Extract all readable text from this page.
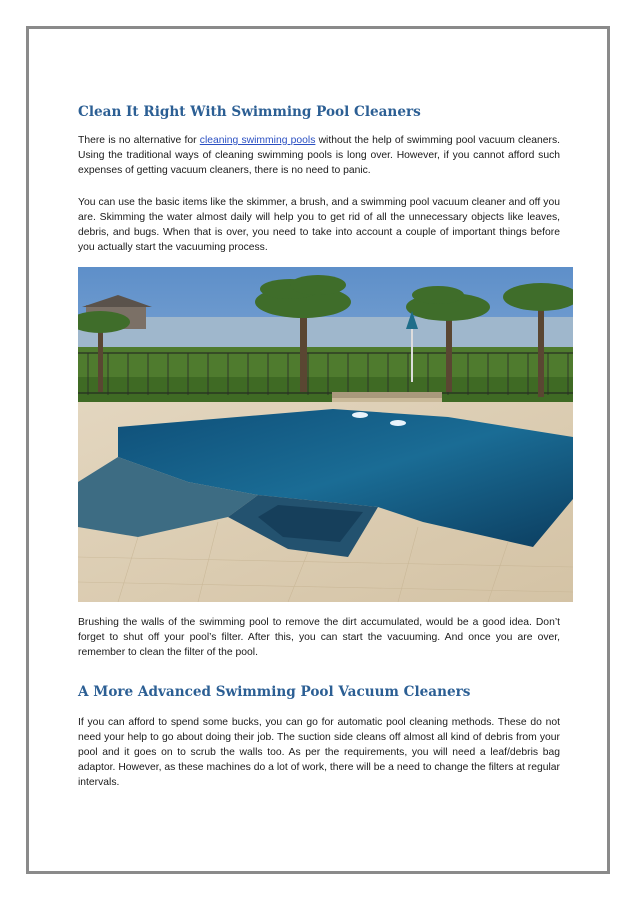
Clean It Right With Swimming Pool Cleaners

There is no alternative for cleaning swimming pools without the help of swimming pool vacuum cleaners. Using the traditional ways of cleaning swimming pools is long over. However, if you cannot afford such expenses of getting vacuum cleaners, there is no need to panic.

You can use the basic items like the skimmer, a brush, and a swimming pool vacuum cleaner and off you are. Skimming the water almost daily will help you to get rid of all the unnecessary objects like leaves, debris, and bugs. When that is over, you need to take into account a couple of important things before you actually start the vacuuming process.

Brushing the walls of the swimming pool to remove the dirt accumulated, would be a good idea. Don’t forget to shut off your pool’s filter. After this, you can start the vacuuming. And once you are over, remember to clean the filter of the pool.

A More Advanced Swimming Pool Vacuum Cleaners

If you can afford to spend some bucks, you can go for automatic pool cleaning methods. These do not need your help to go about doing their job. The suction side cleans off almost all kind of debris from your pool and it goes on to scrub the walls too. As per the requirements, you will need a leaf/debris bag adaptor. However, as these machines do a lot of work, there will be a need to change the filters at regular intervals.
